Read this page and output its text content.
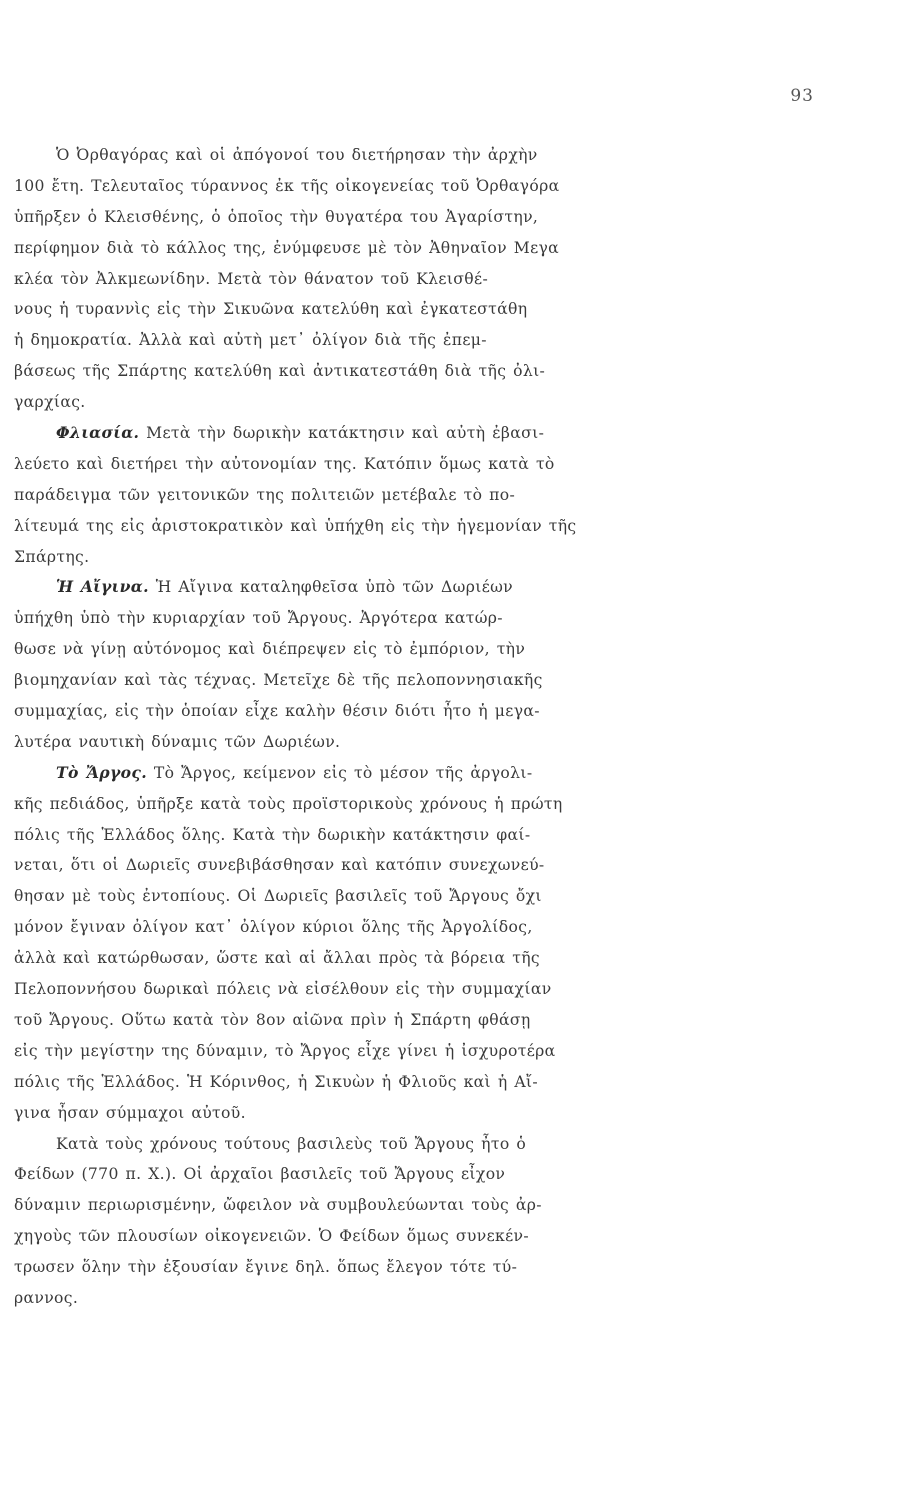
93
Ὁ Ὀρθαγόρας καὶ οἱ ἀπόγονοί του διετήρησαν τὴν ἀρχὴν
100 ἔτη. Τελευταῖος τύραννος ἐκ τῆς οἰκογενείας τοῦ Ὀρθαγόρα
ὑπῆρξεν ὁ Κλεισθένης, ὁ ὁποῖος τὴν θυγατέρα του Ἀγαρίστην,
περίφημον διὰ τὸ κάλλος της, ἐνύμφευσε μὲ τὸν Ἀθηναῖον Μεγα
κλέα τὸν Ἀλκμεωνίδην. Μετὰ τὸν θάνατον τοῦ Κλεισθέ-
νους ἡ τυραννὶς εἰς τὴν Σικυῶνα κατελύθη καὶ ἐγκατεστάθη
ἡ δημοκρατία. Ἀλλὰ καὶ αὐτὴ μετ᾽ ὀλίγον διὰ τῆς ἐπεμ-
βάσεως τῆς Σπάρτης κατελύθη καὶ ἀντικατεστάθη διὰ τῆς ὀλι-
γαρχίας.
Φλιασία. Μετὰ τὴν δωρικὴν κατάκτησιν καὶ αὐτὴ ἐβασι-
λεύετο καὶ διετήρει τὴν αὐτονομίαν της. Κατόπιν ὅμως κατὰ τὸ
παράδειγμα τῶν γειτονικῶν της πολιτειῶν μετέβαλε τὸ πο-
λίτευμά της εἰς ἀριστοκρατικὸν καὶ ὑπήχθη εἰς τὴν ἡγεμονίαν τῆς
Σπάρτης.
Ἡ Αἴγινα. Ἡ Αἴγινα καταληφθεῖσα ὑπὸ τῶν Δωριέων
ὑπήχθη ὑπὸ τὴν κυριαρχίαν τοῦ Ἄργους. Ἀργότερα κατώρ-
θωσε νὰ γίνῃ αὐτόνομος καὶ διέπρεψεν εἰς τὸ ἐμπόριον, τὴν
βιομηχανίαν καὶ τὰς τέχνας. Μετεῖχε δὲ τῆς πελοποννησιακῆς
συμμαχίας, εἰς τὴν ὁποίαν εἶχε καλὴν θέσιν διότι ἦτο ἡ μεγα-
λυτέρα ναυτικὴ δύναμις τῶν Δωριέων.
Τὸ Ἄργος. Τὸ Ἄργος, κείμενον εἰς τὸ μέσον τῆς ἀργολι-
κῆς πεδιάδος, ὑπῆρξε κατὰ τοὺς προϊστορικοὺς χρόνους ἡ πρώτη
πόλις τῆς Ἑλλάδος ὅλης. Κατὰ τὴν δωρικὴν κατάκτησιν φαί-
νεται, ὅτι οἱ Δωριεῖς συνεβιβάσθησαν καὶ κατόπιν συνεχωνεύ-
θησαν μὲ τοὺς ἐντοπίους. Οἱ Δωριεῖς βασιλεῖς τοῦ Ἄργους ὄχι
μόνον ἔγιναν ὀλίγον κατ᾽ ὀλίγον κύριοι ὅλης τῆς Ἀργολίδος,
ἀλλὰ καὶ κατώρθωσαν, ὥστε καὶ αἱ ἄλλαι πρὸς τὰ βόρεια τῆς
Πελοποννήσου δωρικαὶ πόλεις νὰ εἰσέλθουν εἰς τὴν συμμαχίαν
τοῦ Ἄργους. Οὕτω κατὰ τὸν 8ον αἰῶνα πρὶν ἡ Σπάρτη φθάσῃ
εἰς τὴν μεγίστην της δύναμιν, τὸ Ἄργος εἶχε γίνει ἡ ἰσχυροτέρα
πόλις τῆς Ἑλλάδος. Ἡ Κόρινθος, ἡ Σικυὼν ἡ Φλιοῦς καὶ ἡ Αἴ-
γινα ἦσαν σύμμαχοι αὐτοῦ.
Κατὰ τοὺς χρόνους τούτους βασιλεὺς τοῦ Ἄργους ἦτο ὁ
Φείδων (770 π. Χ.). Οἱ ἀρχαῖοι βασιλεῖς τοῦ Ἄργους εἶχον
δύναμιν περιωρισμένην, ὤφειλον νὰ συμβουλεύωνται τοὺς ἀρ-
χηγοὺς τῶν πλουσίων οἰκογενειῶν. Ὁ Φείδων ὅμως συνεκέν-
τρωσεν ὅλην τὴν ἐξουσίαν ἔγινε δηλ. ὅπως ἔλεγον τότε τύ-
ραννος.
